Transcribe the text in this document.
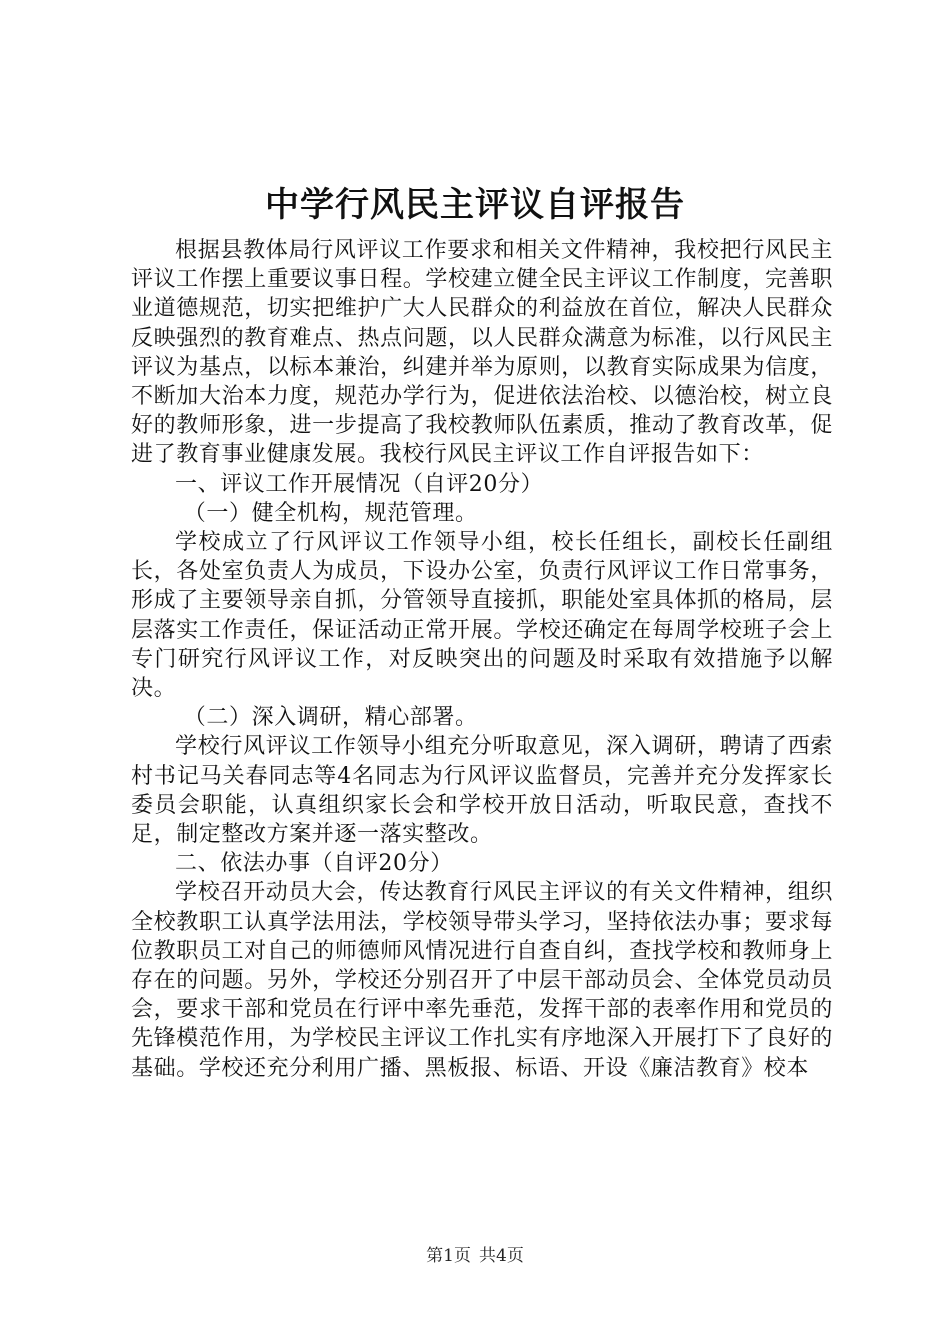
中学行风民主评议自评报告

根据县教体局行风评议工作要求和相关文件精神，我校把行风民主评议工作摆上重要议事日程。学校建立健全民主评议工作制度，完善职业道德规范，切实把维护广大人民群众的利益放在首位，解决人民群众反映强烈的教育难点、热点问题，以人民群众满意为标准，以行风民主评议为基点，以标本兼治，纠建并举为原则，以教育实际成果为信度，不断加大治本力度，规范办学行为，促进依法治校、以德治校，树立良好的教师形象，进一步提高了我校教师队伍素质，推动了教育改革，促进了教育事业健康发展。我校行风民主评议工作自评报告如下：

一、评议工作开展情况（自评20分）

（一）健全机构，规范管理。

学校成立了行风评议工作领导小组，校长任组长，副校长任副组长，各处室负责人为成员，下设办公室，负责行风评议工作日常事务，形成了主要领导亲自抓，分管领导直接抓，职能处室具体抓的格局，层层落实工作责任，保证活动正常开展。学校还确定在每周学校班子会上专门研究行风评议工作，对反映突出的问题及时采取有效措施予以解决。

（二）深入调研，精心部署。

学校行风评议工作领导小组充分听取意见，深入调研，聘请了西索村书记马关春同志等4名同志为行风评议监督员，完善并充分发挥家长委员会职能，认真组织家长会和学校开放日活动，听取民意，查找不足，制定整改方案并逐一落实整改。

二、依法办事（自评20分）

学校召开动员大会，传达教育行风民主评议的有关文件精神，组织全校教职工认真学法用法，学校领导带头学习，坚持依法办事；要求每位教职员工对自己的师德师风情况进行自查自纠，查找学校和教师身上存在的问题。另外，学校还分别召开了中层干部动员会、全体党员动员会，要求干部和党员在行评中率先垂范，发挥干部的表率作用和党员的先锋模范作用，为学校民主评议工作扎实有序地深入开展打下了良好的基础。学校还充分利用广播、黑板报、标语、开设《廉洁教育》校本

第1页 共4页
